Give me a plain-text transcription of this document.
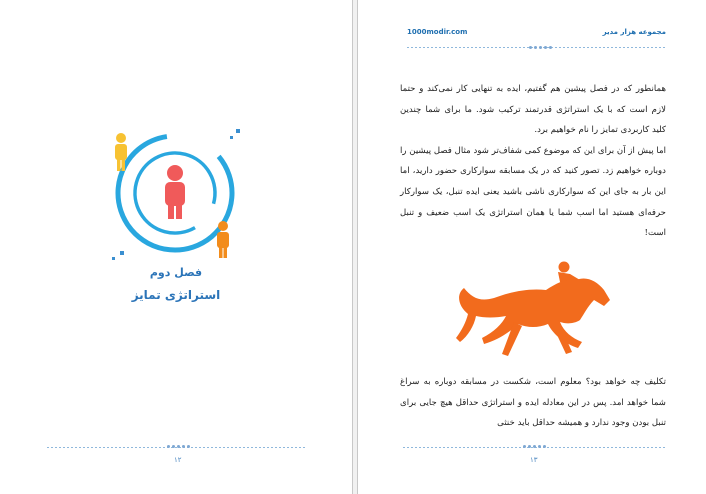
فصل دوم
استراتژی تمایز
۱۲
1000modir.com	مجموعه هزار مدیر
همانطور که در فصل پیشین هم گفتیم، ایده به تنهایی کار نمی‌کند و حتما لازم است که با یک استراتژی قدرتمند ترکیب شود. ما برای شما چندین کلید کاربردی تمایز را نام خواهیم برد.
اما پیش از آن برای این که موضوع کمی شفاف‌تر شود مثال فصل پیشین را دوباره خواهیم زد. تصور کنید که در یک مسابقه سوارکاری حضور دارید، اما این بار به جای این که سوارکاری ناشی باشید یعنی ایده تنبل، یک سوارکار حرفه‌ای هستید اما اسب شما یا همان استراتژی یک اسب ضعیف و تنبل است!
تکلیف چه خواهد بود؟ معلوم است، شکست در مسابقه دوباره به سراغ شما خواهد امد. پس در این معادله ایده و استراتژی حداقل هیچ جایی برای تنبل بودن وجود ندارد و همیشه حداقل باید خنثی
۱۳
